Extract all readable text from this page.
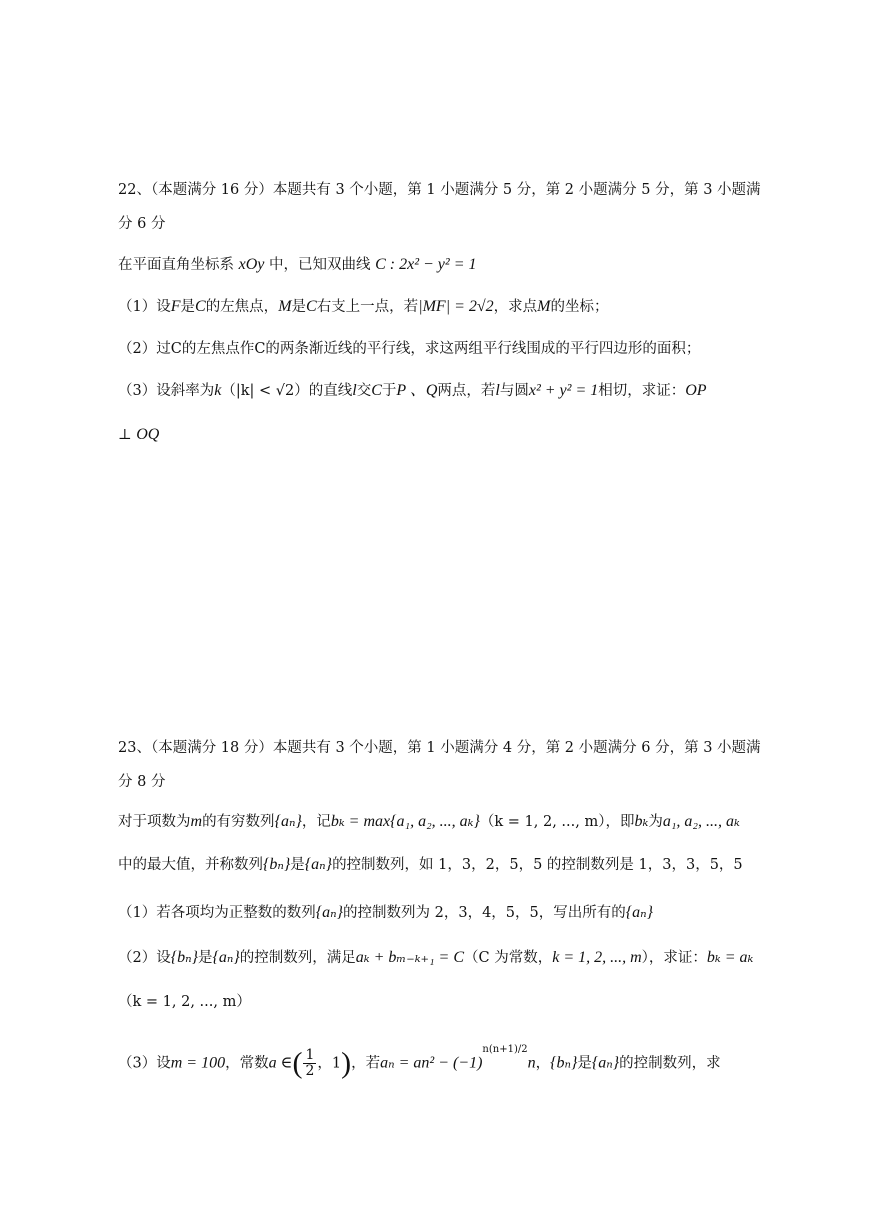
22、（本题满分 16 分）本题共有 3 个小题，第 1 小题满分 5 分，第 2 小题满分 5 分，第 3 小题满
分 6 分
在平面直角坐标系 xOy 中，已知双曲线 C : 2x² − y² = 1
（1）设F是C的左焦点，M是C右支上一点，若|MF| = 2√2，求点M的坐标；
（2）过C的左焦点作C的两条渐近线的平行线，求这两组平行线围成的平行四边形的面积；
（3）设斜率为k（|k| < √2）的直线l交C于P 、Q两点，若l与圆x² + y² = 1相切，求证：OP
⊥ OQ
23、（本题满分 18 分）本题共有 3 个小题，第 1 小题满分 4 分，第 2 小题满分 6 分，第 3 小题满
分 8 分
对于项数为m的有穷数列{aₙ}，记bₖ = max{a₁, a₂, ..., aₖ}（k = 1, 2, ..., m），即bₖ为a₁, a₂, ..., aₖ
中的最大值，并称数列{bₙ}是{aₙ}的控制数列，如 1，3，2，5，5 的控制数列是 1，3，3，5，5
（1）若各项均为正整数的数列{aₙ}的控制数列为 2，3，4，5，5，写出所有的{aₙ}
（2）设{bₙ}是{aₙ}的控制数列，满足aₖ + bₘ₋ₖ₊₁ = C（C 为常数，k = 1, 2, ..., m），求证：bₖ = aₖ
（k = 1, 2, ..., m）
（3）设m = 100，常数a ∈( $\frac{1}{2}$ ，1)，若$a_n = an^2 - (-1)^{n(n+1)/2}n$，{bₙ}是{aₙ}的控制数列，求
